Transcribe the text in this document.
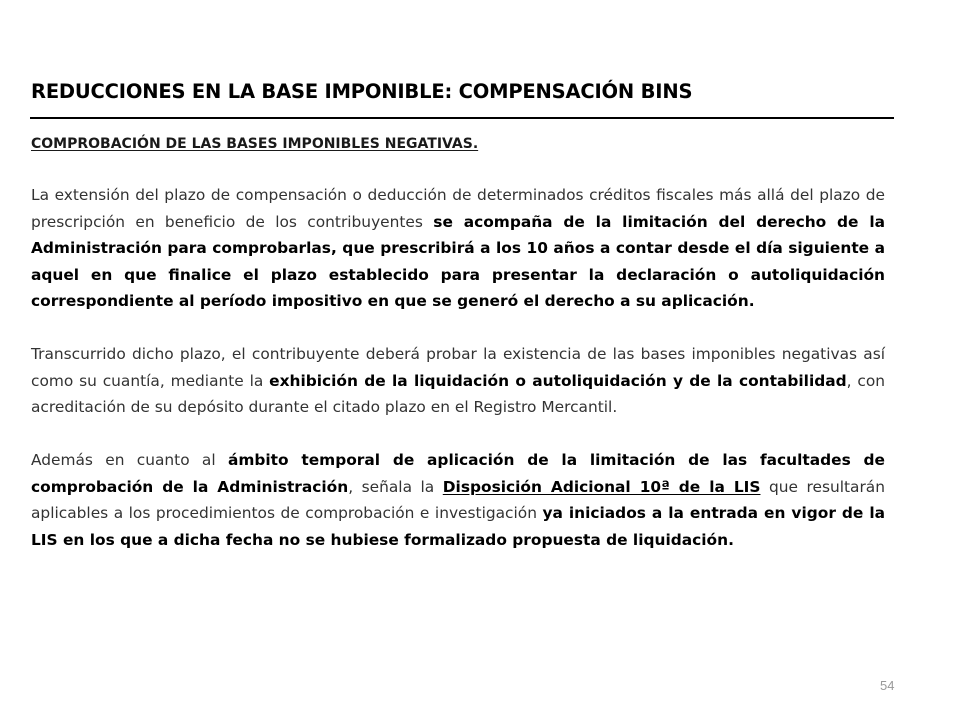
REDUCCIONES EN LA BASE IMPONIBLE: COMPENSACIÓN BINS
COMPROBACIÓN DE LAS BASES IMPONIBLES NEGATIVAS.

La extensión del plazo de compensación o deducción de determinados créditos fiscales más allá del plazo de prescripción en beneficio de los contribuyentes se acompaña de la limitación del derecho de la Administración para comprobarlas, que prescribirá a los 10 años a contar desde el día siguiente a aquel en que finalice el plazo establecido para presentar la declaración o autoliquidación correspondiente al período impositivo en que se generó el derecho a su aplicación.

Transcurrido dicho plazo, el contribuyente deberá probar la existencia de las bases imponibles negativas así como su cuantía, mediante la exhibición de la liquidación o autoliquidación y de la contabilidad, con acreditación de su depósito durante el citado plazo en el Registro Mercantil.

Además en cuanto al ámbito temporal de aplicación de la limitación de las facultades de comprobación de la Administración, señala la Disposición Adicional 10ª de la LIS que resultarán aplicables a los procedimientos de comprobación e investigación ya iniciados a la entrada en vigor de la LIS en los que a dicha fecha no se hubiese formalizado propuesta de liquidación.

54
